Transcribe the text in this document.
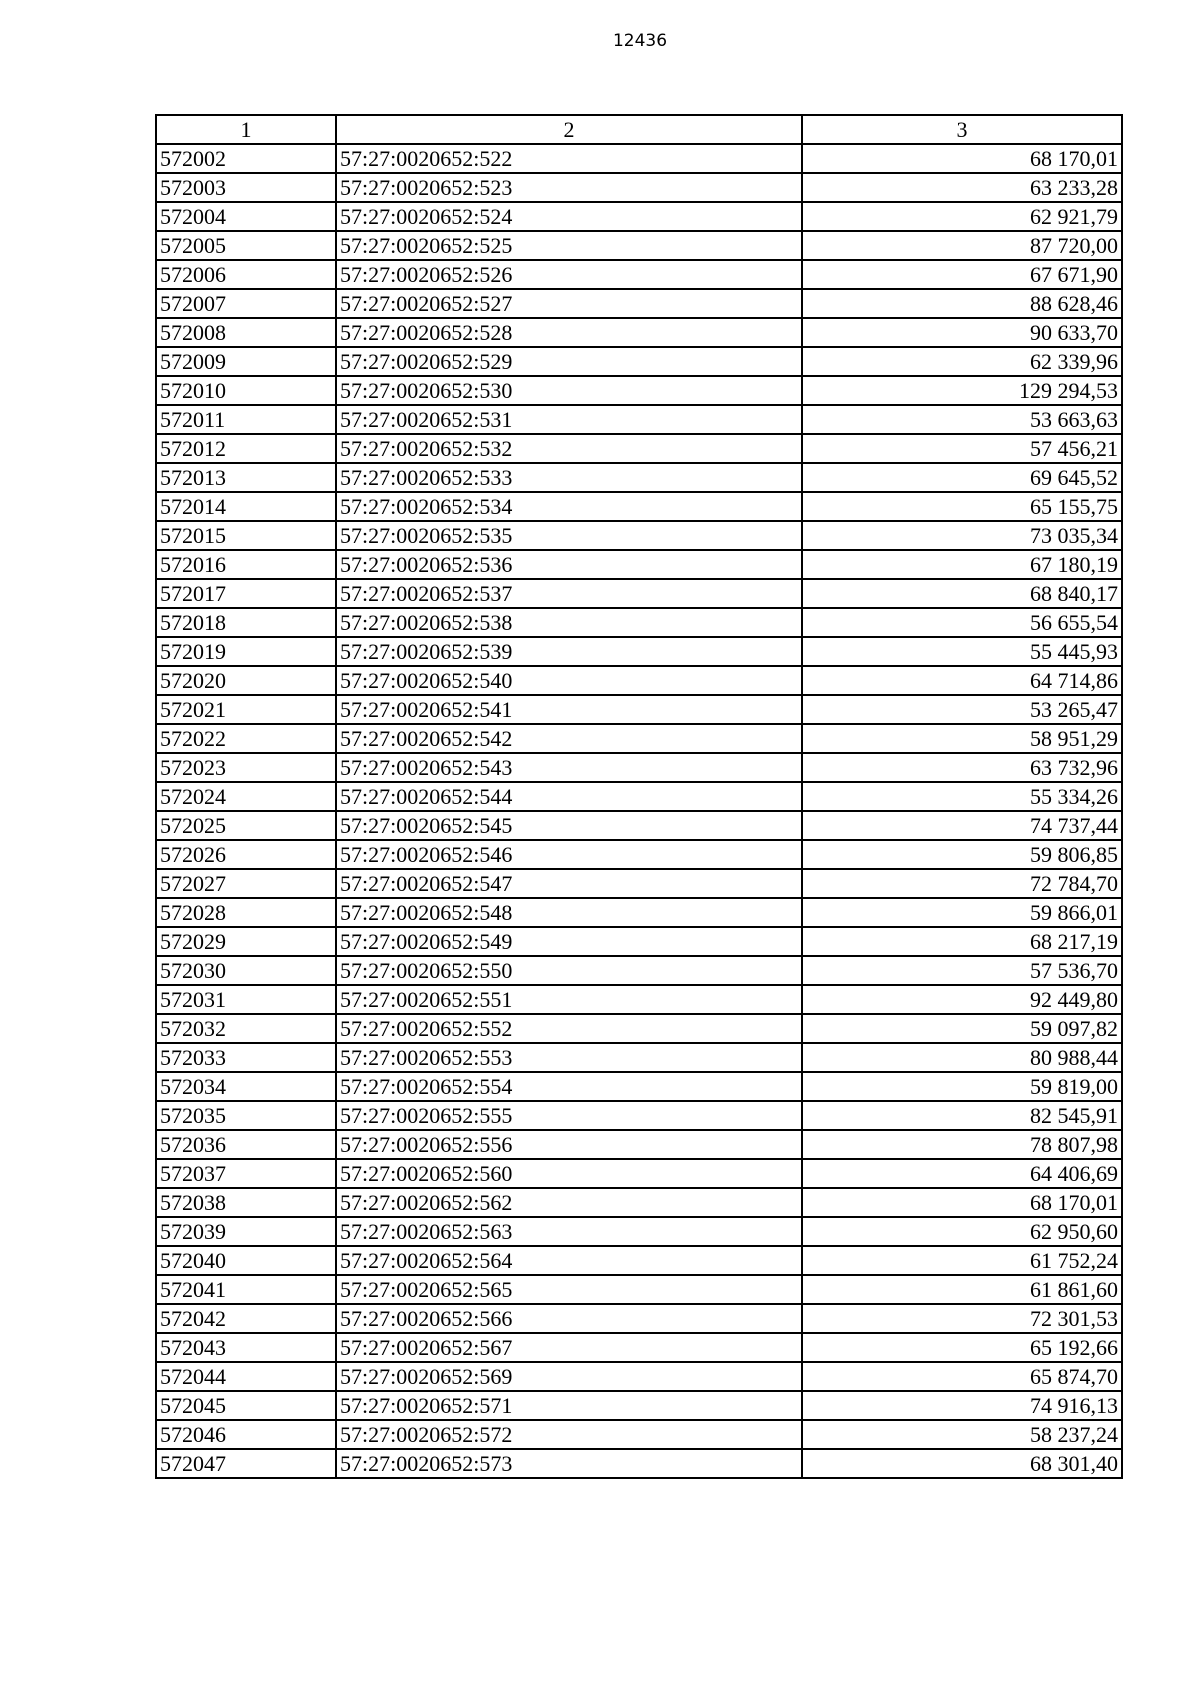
12436
1	2	3
572002	57:27:0020652:522	68 170,01
572003	57:27:0020652:523	63 233,28
572004	57:27:0020652:524	62 921,79
572005	57:27:0020652:525	87 720,00
572006	57:27:0020652:526	67 671,90
572007	57:27:0020652:527	88 628,46
572008	57:27:0020652:528	90 633,70
572009	57:27:0020652:529	62 339,96
572010	57:27:0020652:530	129 294,53
572011	57:27:0020652:531	53 663,63
572012	57:27:0020652:532	57 456,21
572013	57:27:0020652:533	69 645,52
572014	57:27:0020652:534	65 155,75
572015	57:27:0020652:535	73 035,34
572016	57:27:0020652:536	67 180,19
572017	57:27:0020652:537	68 840,17
572018	57:27:0020652:538	56 655,54
572019	57:27:0020652:539	55 445,93
572020	57:27:0020652:540	64 714,86
572021	57:27:0020652:541	53 265,47
572022	57:27:0020652:542	58 951,29
572023	57:27:0020652:543	63 732,96
572024	57:27:0020652:544	55 334,26
572025	57:27:0020652:545	74 737,44
572026	57:27:0020652:546	59 806,85
572027	57:27:0020652:547	72 784,70
572028	57:27:0020652:548	59 866,01
572029	57:27:0020652:549	68 217,19
572030	57:27:0020652:550	57 536,70
572031	57:27:0020652:551	92 449,80
572032	57:27:0020652:552	59 097,82
572033	57:27:0020652:553	80 988,44
572034	57:27:0020652:554	59 819,00
572035	57:27:0020652:555	82 545,91
572036	57:27:0020652:556	78 807,98
572037	57:27:0020652:560	64 406,69
572038	57:27:0020652:562	68 170,01
572039	57:27:0020652:563	62 950,60
572040	57:27:0020652:564	61 752,24
572041	57:27:0020652:565	61 861,60
572042	57:27:0020652:566	72 301,53
572043	57:27:0020652:567	65 192,66
572044	57:27:0020652:569	65 874,70
572045	57:27:0020652:571	74 916,13
572046	57:27:0020652:572	58 237,24
572047	57:27:0020652:573	68 301,40
